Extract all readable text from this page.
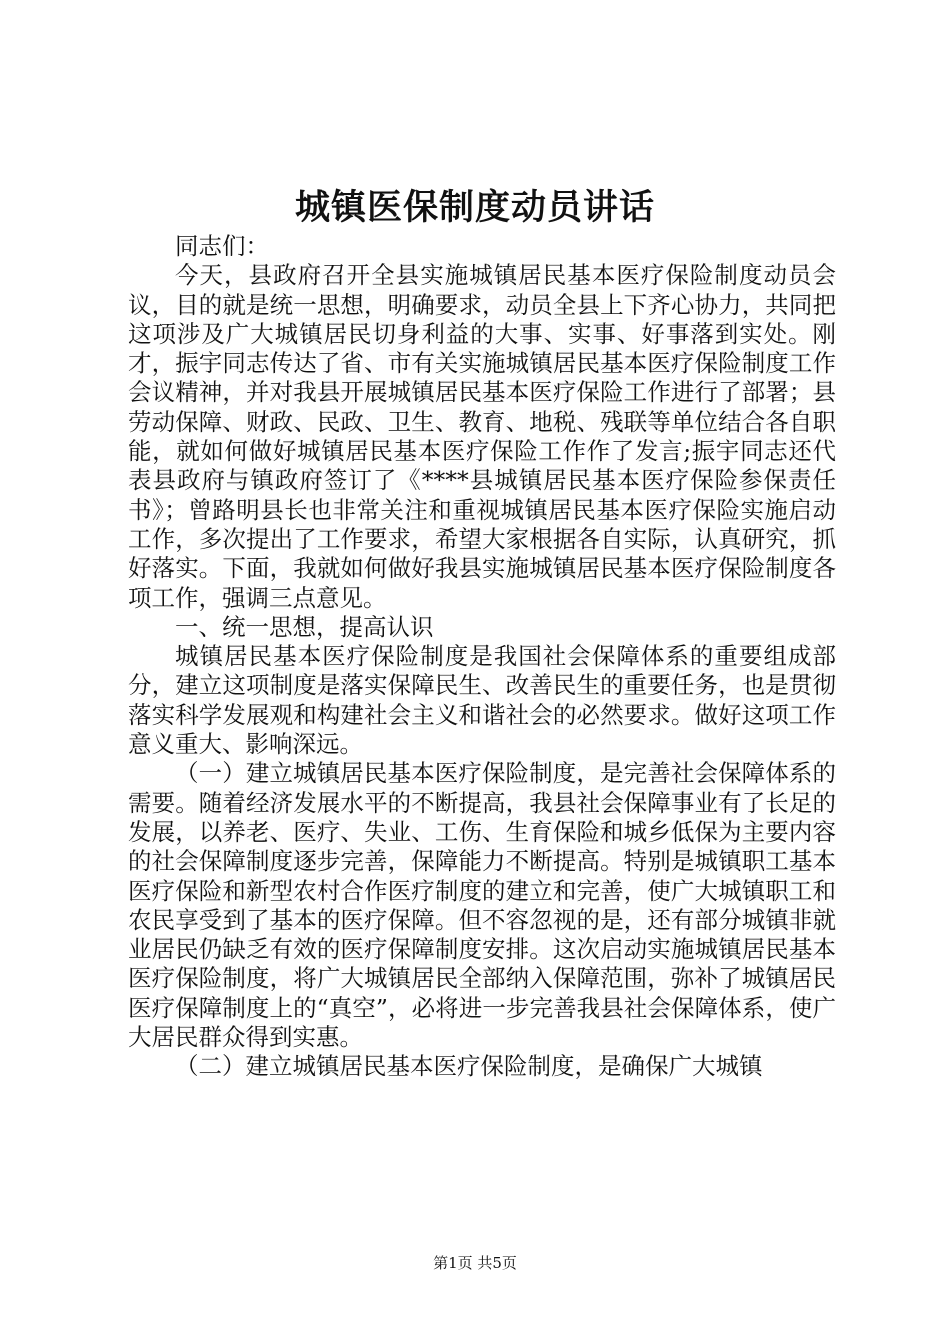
城镇医保制度动员讲话

同志们：

今天，县政府召开全县实施城镇居民基本医疗保险制度动员会议，目的就是统一思想，明确要求，动员全县上下齐心协力，共同把这项涉及广大城镇居民切身利益的大事、实事、好事落到实处。刚才，振宇同志传达了省、市有关实施城镇居民基本医疗保险制度工作会议精神，并对我县开展城镇居民基本医疗保险工作进行了部署；县劳动保障、财政、民政、卫生、教育、地税、残联等单位结合各自职能，就如何做好城镇居民基本医疗保险工作作了发言;振宇同志还代表县政府与镇政府签订了《****县城镇居民基本医疗保险参保责任书》；曾路明县长也非常关注和重视城镇居民基本医疗保险实施启动工作，多次提出了工作要求，希望大家根据各自实际，认真研究，抓好落实。下面，我就如何做好我县实施城镇居民基本医疗保险制度各项工作，强调三点意见。

一、统一思想，提高认识

城镇居民基本医疗保险制度是我国社会保障体系的重要组成部分，建立这项制度是落实保障民生、改善民生的重要任务，也是贯彻落实科学发展观和构建社会主义和谐社会的必然要求。做好这项工作意义重大、影响深远。

（一）建立城镇居民基本医疗保险制度，是完善社会保障体系的需要。随着经济发展水平的不断提高，我县社会保障事业有了长足的发展，以养老、医疗、失业、工伤、生育保险和城乡低保为主要内容的社会保障制度逐步完善，保障能力不断提高。特别是城镇职工基本医疗保险和新型农村合作医疗制度的建立和完善，使广大城镇职工和农民享受到了基本的医疗保障。但不容忽视的是，还有部分城镇非就业居民仍缺乏有效的医疗保障制度安排。这次启动实施城镇居民基本医疗保险制度，将广大城镇居民全部纳入保障范围，弥补了城镇居民医疗保障制度上的“真空”，必将进一步完善我县社会保障体系，使广大居民群众得到实惠。

（二）建立城镇居民基本医疗保险制度，是确保广大城镇

第1页 共5页
